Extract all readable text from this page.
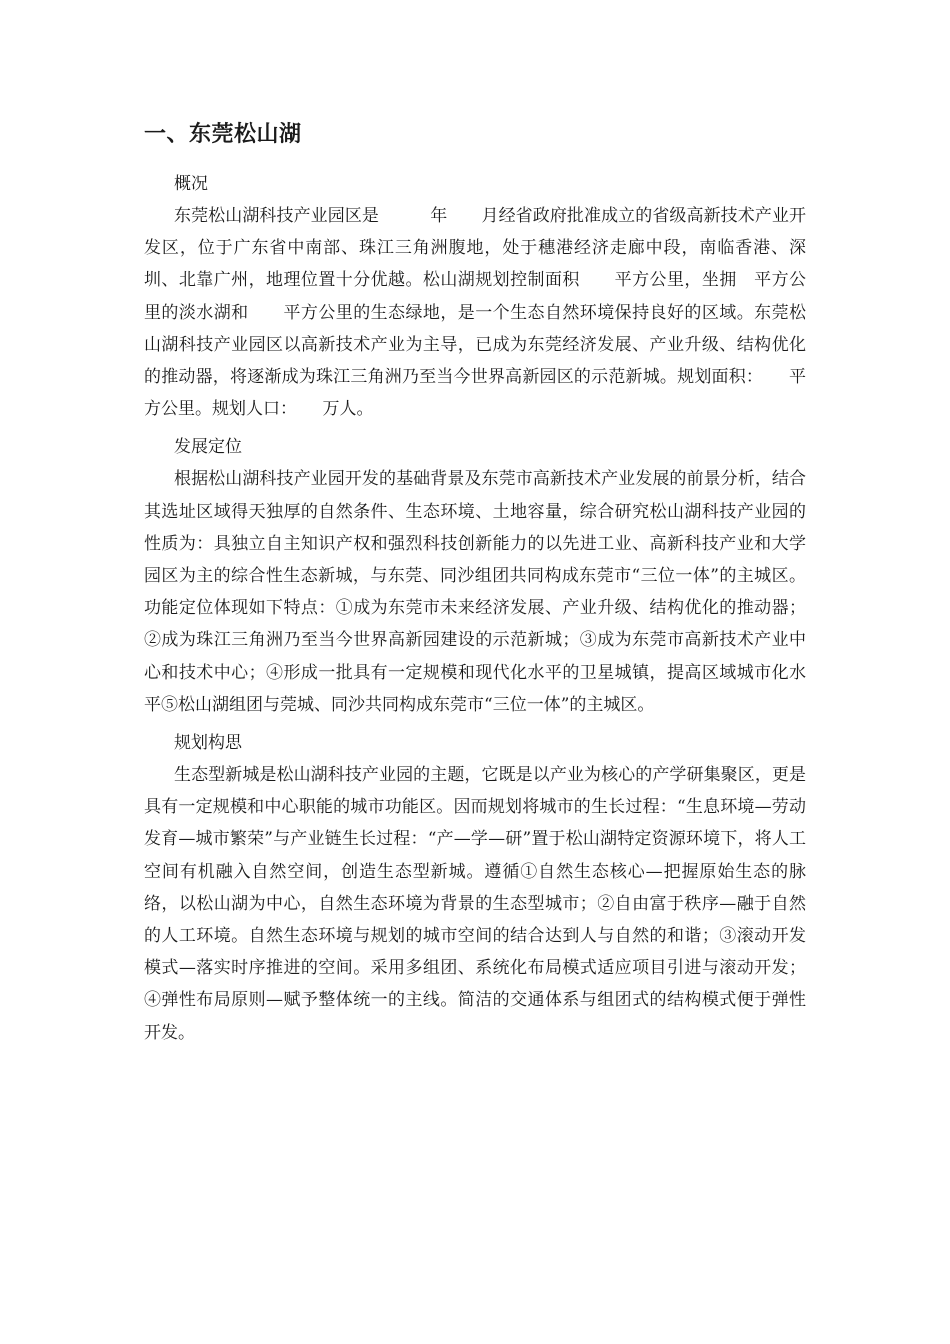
一、东莞松山湖

概况

东莞松山湖科技产业园区是　　　年　　月经省政府批准成立的省级高新技术产业开发区，位于广东省中南部、珠江三角洲腹地，处于穗港经济走廊中段，南临香港、深圳、北靠广州，地理位置十分优越。松山湖规划控制面积　　平方公里，坐拥　平方公里的淡水湖和　　平方公里的生态绿地，是一个生态自然环境保持良好的区域。东莞松山湖科技产业园区以高新技术产业为主导，已成为东莞经济发展、产业升级、结构优化的推动器，将逐渐成为珠江三角洲乃至当今世界高新园区的示范新城。规划面积：　　平方公里。规划人口：　　万人。

发展定位

根据松山湖科技产业园开发的基础背景及东莞市高新技术产业发展的前景分析，结合其选址区域得天独厚的自然条件、生态环境、土地容量，综合研究松山湖科技产业园的性质为：具独立自主知识产权和强烈科技创新能力的以先进工业、高新科技产业和大学园区为主的综合性生态新城，与东莞、同沙组团共同构成东莞市“三位一体”的主城区。功能定位体现如下特点：①成为东莞市未来经济发展、产业升级、结构优化的推动器；②成为珠江三角洲乃至当今世界高新园建设的示范新城；③成为东莞市高新技术产业中心和技术中心；④形成一批具有一定规模和现代化水平的卫星城镇，提高区域城市化水平⑤松山湖组团与莞城、同沙共同构成东莞市“三位一体”的主城区。

规划构思

生态型新城是松山湖科技产业园的主题，它既是以产业为核心的产学研集聚区，更是具有一定规模和中心职能的城市功能区。因而规划将城市的生长过程：“生息环境—劳动发育—城市繁荣”与产业链生长过程：“产—学—研”置于松山湖特定资源环境下，将人工空间有机融入自然空间，创造生态型新城。遵循①自然生态核心—把握原始生态的脉络，以松山湖为中心，自然生态环境为背景的生态型城市；②自由富于秩序—融于自然的人工环境。自然生态环境与规划的城市空间的结合达到人与自然的和谐；③滚动开发模式—落实时序推进的空间。采用多组团、系统化布局模式适应项目引进与滚动开发；④弹性布局原则—赋予整体统一的主线。简洁的交通体系与组团式的结构模式便于弹性开发。
